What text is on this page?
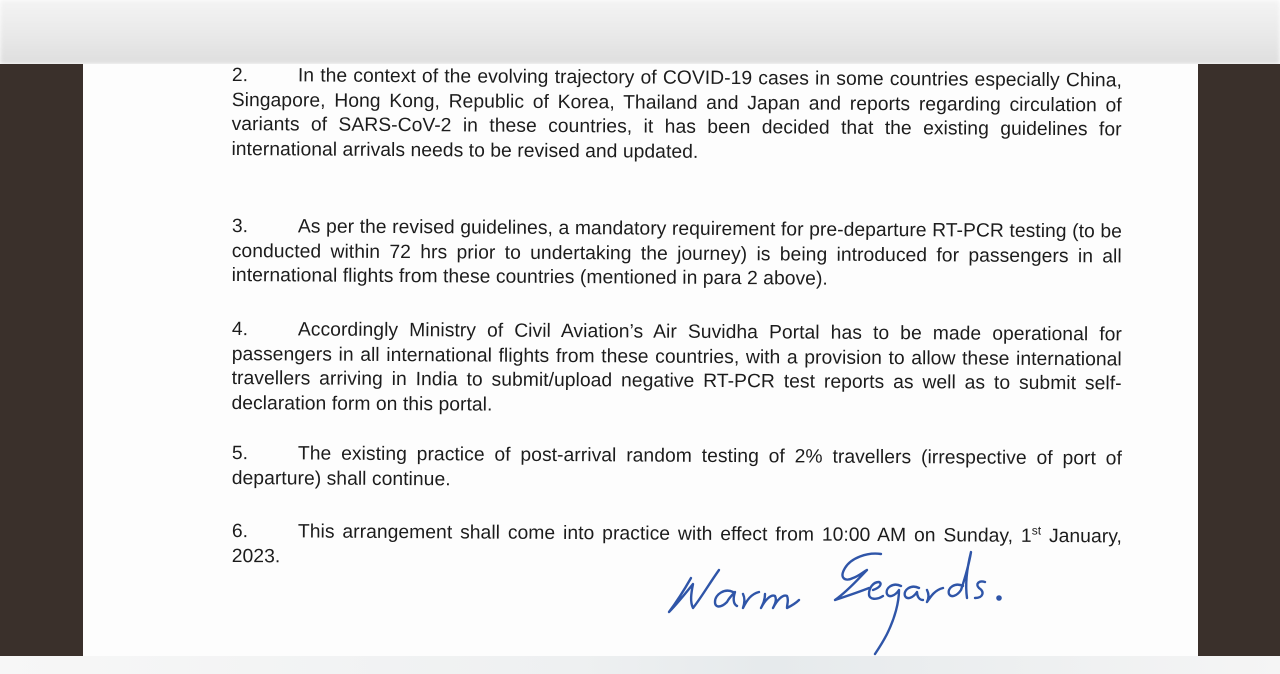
2.	In the context of the evolving trajectory of COVID-19 cases in some countries especially China, Singapore, Hong Kong, Republic of Korea, Thailand and Japan and reports regarding circulation of variants of SARS-CoV-2 in these countries, it has been decided that the existing guidelines for international arrivals needs to be revised and updated.
3.	As per the revised guidelines, a mandatory requirement for pre-departure RT-PCR testing (to be conducted within 72 hrs prior to undertaking the journey) is being introduced for passengers in all international flights from these countries (mentioned in para 2 above).
4.	Accordingly Ministry of Civil Aviation’s Air Suvidha Portal has to be made operational for passengers in all international flights from these countries, with a provision to allow these international travellers arriving in India to submit/upload negative RT-PCR test reports as well as to submit self-declaration form on this portal.
5.	The existing practice of post-arrival random testing of 2% travellers (irrespective of port of departure) shall continue.
6.	This arrangement shall come into practice with effect from 10:00 AM on Sunday, 1st January, 2023.
